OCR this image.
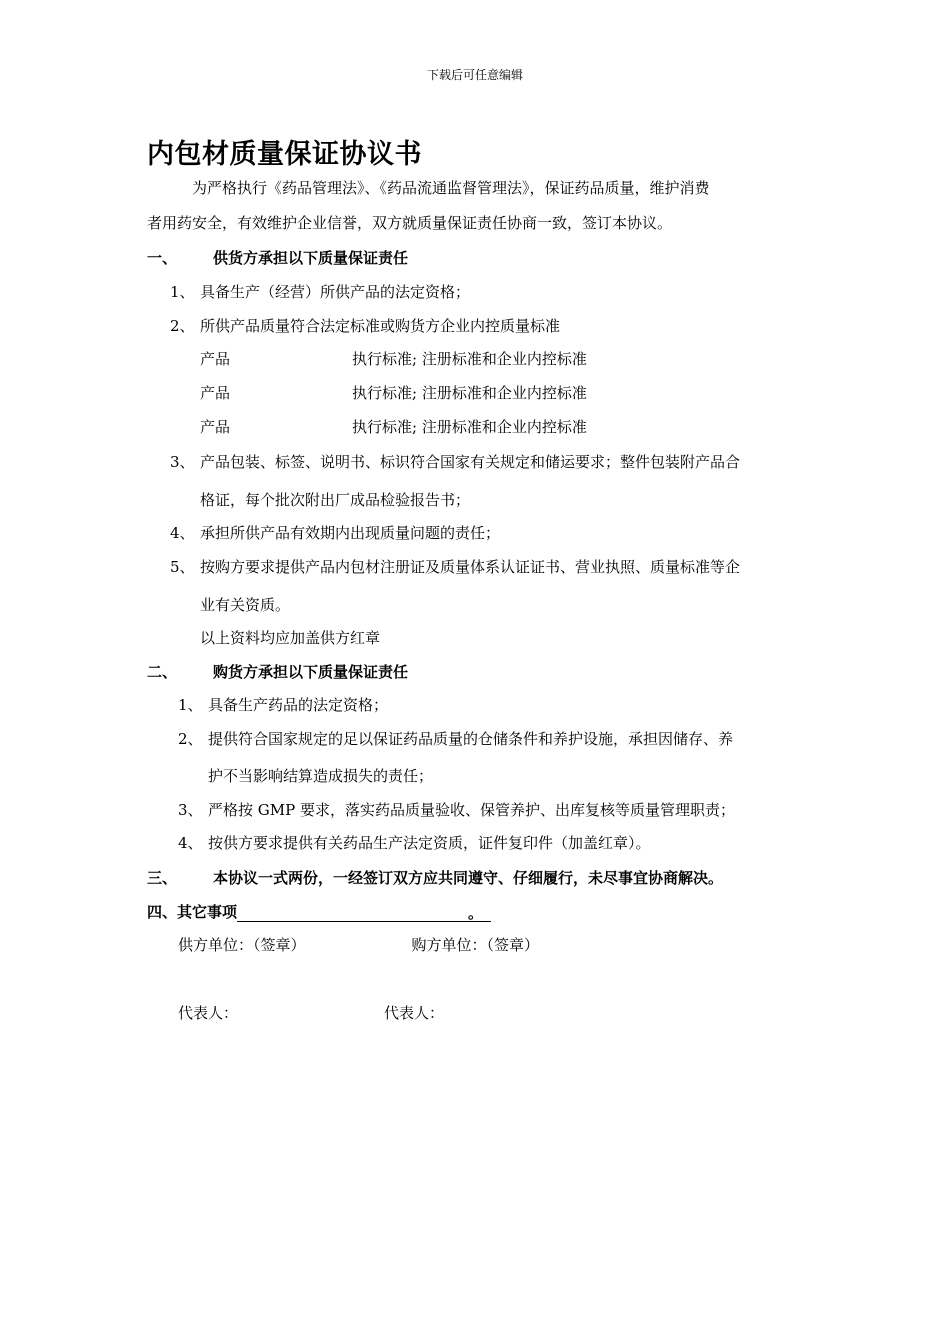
下载后可任意编辑
内包材质量保证协议书
为严格执行《药品管理法》、《药品流通监督管理法》，保证药品质量，维护消费
者用药安全，有效维护企业信誉，双方就质量保证责任协商一致，签订本协议。
一、 供货方承担以下质量保证责任
1、 具备生产（经营）所供产品的法定资格；
2、 所供产品质量符合法定标准或购货方企业内控质量标准
产品	执行标准; 注册标准和企业内控标准
产品	执行标准; 注册标准和企业内控标准
产品	执行标准; 注册标准和企业内控标准
3、 产品包装、标签、说明书、标识符合国家有关规定和储运要求；整件包装附产品合
格证，每个批次附出厂成品检验报告书；
4、 承担所供产品有效期内出现质量问题的责任；
5、 按购方要求提供产品内包材注册证及质量体系认证证书、营业执照、质量标准等企
业有关资质。
以上资料均应加盖供方红章
二、 购货方承担以下质量保证责任
1、 具备生产药品的法定资格；
2、 提供符合国家规定的足以保证药品质量的仓储条件和养护设施，承担因储存、养
护不当影响结算造成损失的责任；
3、 严格按 GMP 要求，落实药品质量验收、保管养护、出库复核等质量管理职责；
4、 按供方要求提供有关药品生产法定资质，证件复印件（加盖红章）。
三、 本协议一式两份，一经签订双方应共同遵守、仔细履行，未尽事宜协商解决。
四、其它事项	。
供方单位：（签章）	购方单位：（签章）
代表人：	代表人：
